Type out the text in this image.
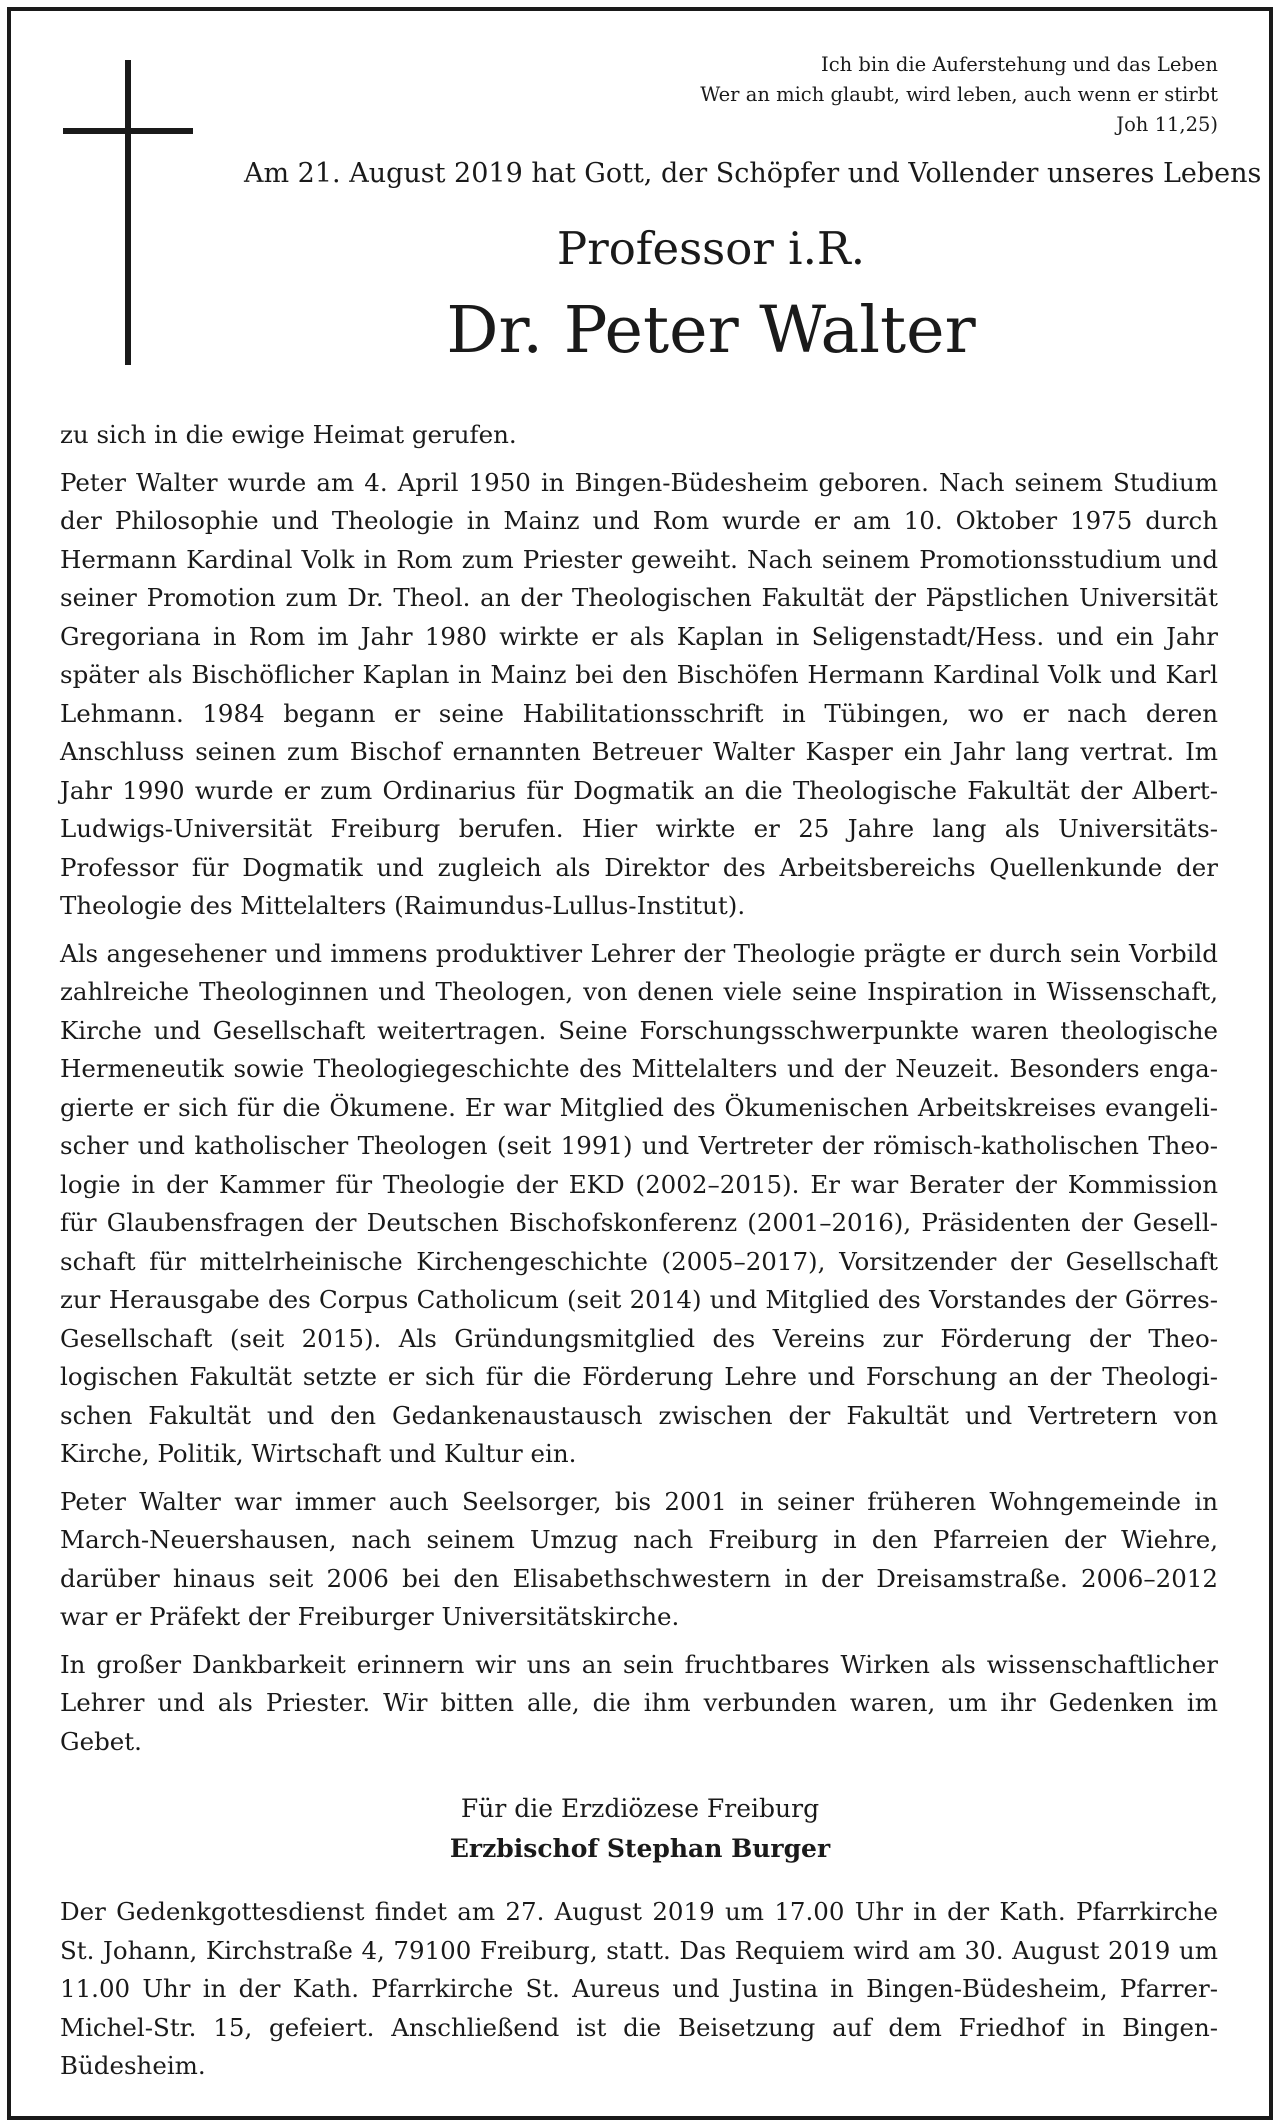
Ich bin die Auferstehung und das Leben
Wer an mich glaubt, wird leben, auch wenn er stirbt
Joh 11,25)
Am 21. August 2019 hat Gott, der Schöpfer und Vollender unseres Lebens
Professor i.R.
Dr. Peter Walter

zu sich in die ewige Heimat gerufen.

Peter Walter wurde am 4. April 1950 in Bingen-Büdesheim geboren. Nach seinem Studium der Philosophie und Theologie in Mainz und Rom wurde er am 10. Oktober 1975 durch Hermann Kardinal Volk in Rom zum Priester geweiht. Nach seinem Promotionsstudium und seiner Promotion zum Dr. Theol. an der Theologischen Fakultät der Päpstlichen Universität Gregoriana in Rom im Jahr 1980 wirkte er als Kaplan in Seligenstadt/Hess. und ein Jahr später als Bischöflicher Kaplan in Mainz bei den Bischöfen Hermann Kardinal Volk und Karl Lehmann. 1984 begann er seine Habilitationsschrift in Tübingen, wo er nach deren Anschluss seinen zum Bischof ernannten Betreuer Walter Kasper ein Jahr lang vertrat. Im Jahr 1990 wurde er zum Ordinarius für Dogmatik an die Theologische Fakultät der Albert-Ludwigs-Universität Freiburg berufen. Hier wirkte er 25 Jahre lang als Universitäts-Professor für Dogmatik und zugleich als Direktor des Arbeitsbereichs Quellenkunde der Theologie des Mittelalters (Raimundus-Lullus-Institut).

Als angesehener und immens produktiver Lehrer der Theologie prägte er durch sein Vorbild zahlreiche Theologinnen und Theologen, von denen viele seine Inspiration in Wissenschaft, Kirche und Gesellschaft weitertragen. Seine Forschungsschwerpunkte waren theologische Hermeneutik sowie Theologiegeschichte des Mittelalters und der Neuzeit. Besonders engagierte er sich für die Ökumene. Er war Mitglied des Ökumenischen Arbeitskreises evangelischer und katholischer Theologen (seit 1991) und Vertreter der römisch-katholischen Theologie in der Kammer für Theologie der EKD (2002–2015). Er war Berater der Kommission für Glaubensfragen der Deutschen Bischofskonferenz (2001–2016), Präsidenten der Gesellschaft für mittelrheinische Kirchengeschichte (2005–2017), Vorsitzender der Gesellschaft zur Herausgabe des Corpus Catholicum (seit 2014) und Mitglied des Vorstandes der Görres-Gesellschaft (seit 2015). Als Gründungsmitglied des Vereins zur Förderung der Theologischen Fakultät setzte er sich für die Förderung Lehre und Forschung an der Theologischen Fakultät und den Gedankenaustausch zwischen der Fakultät und Vertretern von Kirche, Politik, Wirtschaft und Kultur ein.

Peter Walter war immer auch Seelsorger, bis 2001 in seiner früheren Wohngemeinde in March-Neuershausen, nach seinem Umzug nach Freiburg in den Pfarreien der Wiehre, darüber hinaus seit 2006 bei den Elisabethschwestern in der Dreisamstraße. 2006–2012 war er Präfekt der Freiburger Universitätskirche.

In großer Dankbarkeit erinnern wir uns an sein fruchtbares Wirken als wissenschaftlicher Lehrer und als Priester. Wir bitten alle, die ihm verbunden waren, um ihr Gedenken im Gebet.

Für die Erzdiözese Freiburg
Erzbischof Stephan Burger

Der Gedenkgottesdienst findet am 27. August 2019 um 17.00 Uhr in der Kath. Pfarrkirche St. Johann, Kirchstraße 4, 79100 Freiburg, statt. Das Requiem wird am 30. August 2019 um 11.00 Uhr in der Kath. Pfarrkirche St. Aureus und Justina in Bingen-Büdesheim, Pfarrer-Michel-Str. 15, gefeiert. Anschließend ist die Beisetzung auf dem Friedhof in Bingen-Büdesheim.
